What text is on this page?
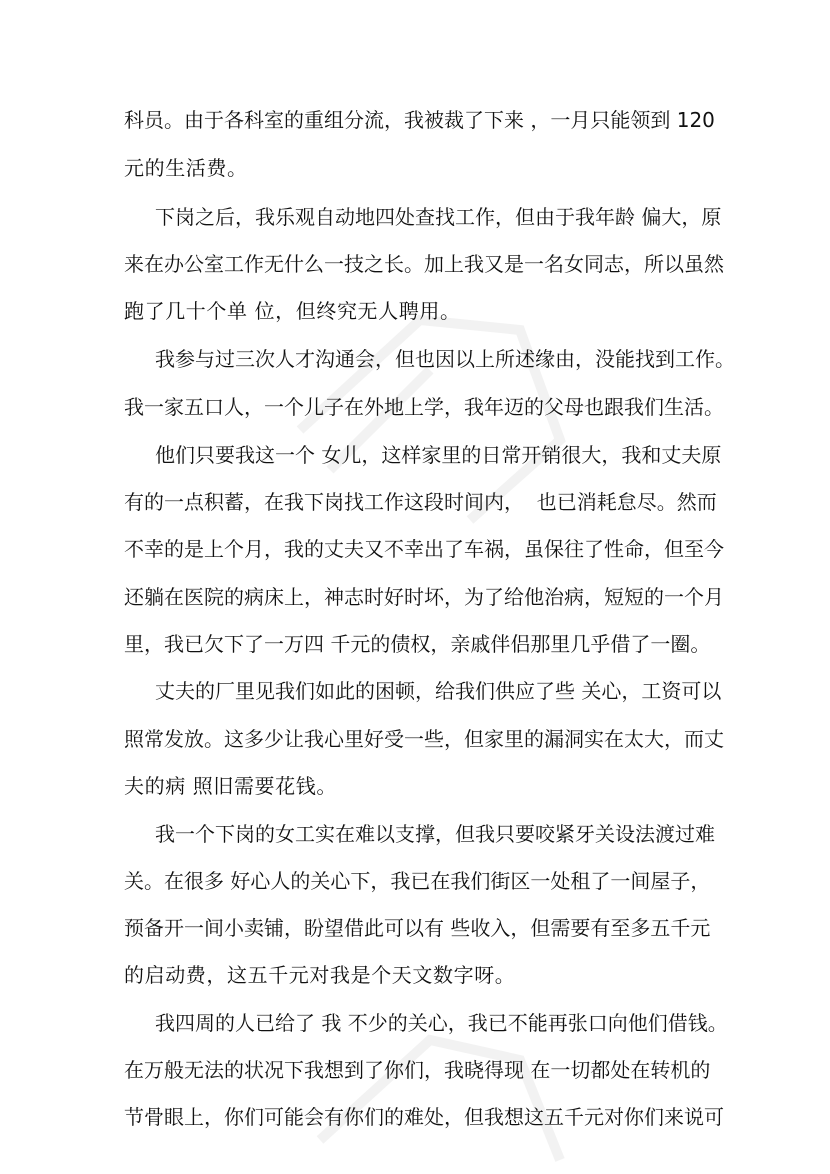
科员。由于各科室的重组分流，我被裁了下来 ，一月只能领到 120

元的生活费。

下岗之后，我乐观自动地四处查找工作，但由于我年龄 偏大，原

来在办公室工作无什么一技之长。加上我又是一名女同志，所以虽然

跑了几十个单 位，但终究无人聘用。

我参与过三次人才沟通会，但也因以上所述缘由，没能找到工作。

我一家五口人，一个儿子在外地上学，我年迈的父母也跟我们生活。

他们只要我这一个 女儿，这样家里的日常开销很大，我和丈夫原

有的一点积蓄，在我下岗找工作这段时间内，  也已消耗怠尽。然而

不幸的是上个月，我的丈夫又不幸出了车祸，虽保往了性命，但至今

还躺在医院的病床上，神志时好时坏，为了给他治病，短短的一个月

里，我已欠下了一万四 千元的债权，亲戚伴侣那里几乎借了一圈。

丈夫的厂里见我们如此的困顿，给我们供应了些 关心，工资可以

照常发放。这多少让我心里好受一些，但家里的漏洞实在太大，而丈

夫的病 照旧需要花钱。

我一个下岗的女工实在难以支撑，但我只要咬紧牙关设法渡过难

关。在很多 好心人的关心下，我已在我们街区一处租了一间屋子，

预备开一间小卖铺，盼望借此可以有 些收入，但需要有至多五千元

的启动费，这五千元对我是个天文数字呀。

我四周的人已给了 我 不少的关心，我已不能再张口向他们借钱。

在万般无法的状况下我想到了你们，我晓得现 在一切都处在转机的

节骨眼上，你们可能会有你们的难处，但我想这五千元对你们来说可
